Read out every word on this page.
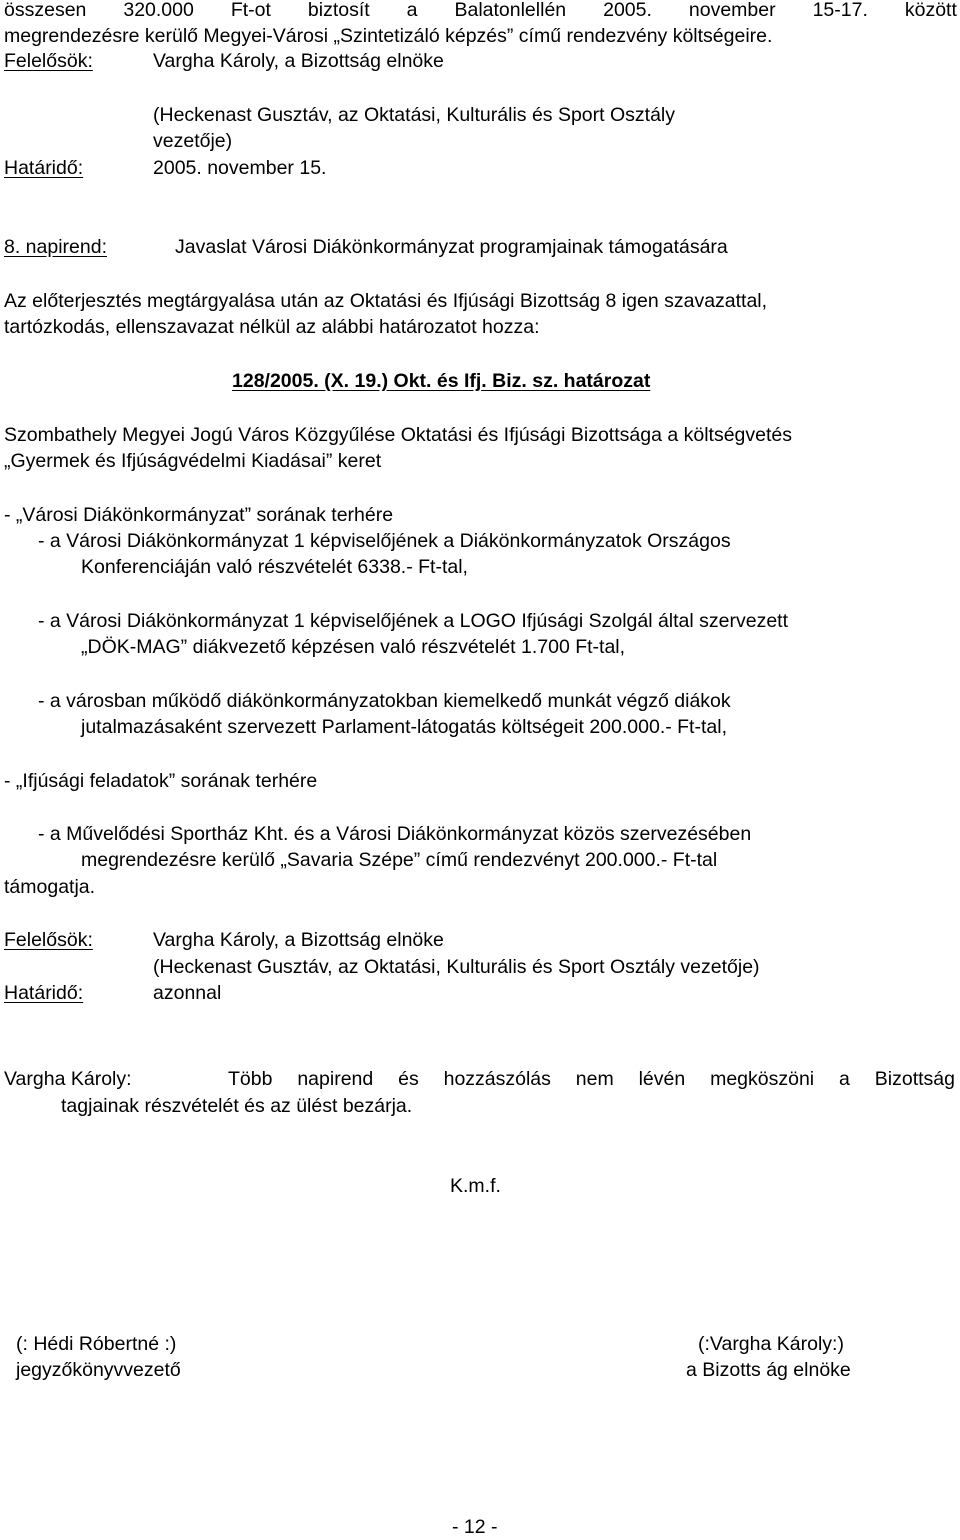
összesen 320.000 Ft-ot biztosít a Balatonlellén 2005. november 15-17. között
megrendezésre kerülő Megyei-Városi „Szintetizáló képzés” című rendezvény költségeire.
Felelősök:	Vargha Károly, a Bizottság elnöke
(Heckenast Gusztáv, az Oktatási, Kulturális és Sport Osztály
vezetője)
Határidő:	2005. november 15.
8. napirend:	Javaslat Városi Diákönkormányzat programjainak támogatására
Az előterjesztés megtárgyalása után az Oktatási és Ifjúsági Bizottság 8 igen szavazattal,
tartózkodás, ellenszavazat nélkül az alábbi határozatot hozza:
128/2005. (X. 19.) Okt. és Ifj. Biz. sz. határozat
Szombathely Megyei Jogú Város Közgyűlése Oktatási és Ifjúsági Bizottsága a költségvetés
„Gyermek és Ifjúságvédelmi Kiadásai” keret
- „Városi Diákönkormányzat” sorának terhére
- a Városi Diákönkormányzat 1 képviselőjének a Diákönkormányzatok Országos
Konferenciáján való részvételét 6338.- Ft-tal,
- a Városi Diákönkormányzat 1 képviselőjének a LOGO Ifjúsági Szolgál által szervezett
„DÖK-MAG” diákvezető képzésen való részvételét 1.700 Ft-tal,
- a városban működő diákönkormányzatokban kiemelkedő munkát végző diákok
jutalmazásaként szervezett Parlament-látogatás költségeit 200.000.- Ft-tal,
- „Ifjúsági feladatok” sorának terhére
- a Művelődési Sportház Kht. és a Városi Diákönkormányzat közös szervezésében
megrendezésre kerülő „Savaria Szépe” című rendezvényt 200.000.- Ft-tal
támogatja.
Felelősök:	Vargha Károly, a Bizottság elnöke
(Heckenast Gusztáv, az Oktatási, Kulturális és Sport Osztály vezetője)
Határidő:	azonnal
Vargha Károly:	Több napirend és hozzászólás nem lévén megköszöni a Bizottság
tagjainak részvételét és az ülést bezárja.
K.m.f.
(: Hédi Róbertné :)
jegyzőkönyvvezető
(:Vargha Károly:)
a Bizotts ág elnöke
- 12 -
